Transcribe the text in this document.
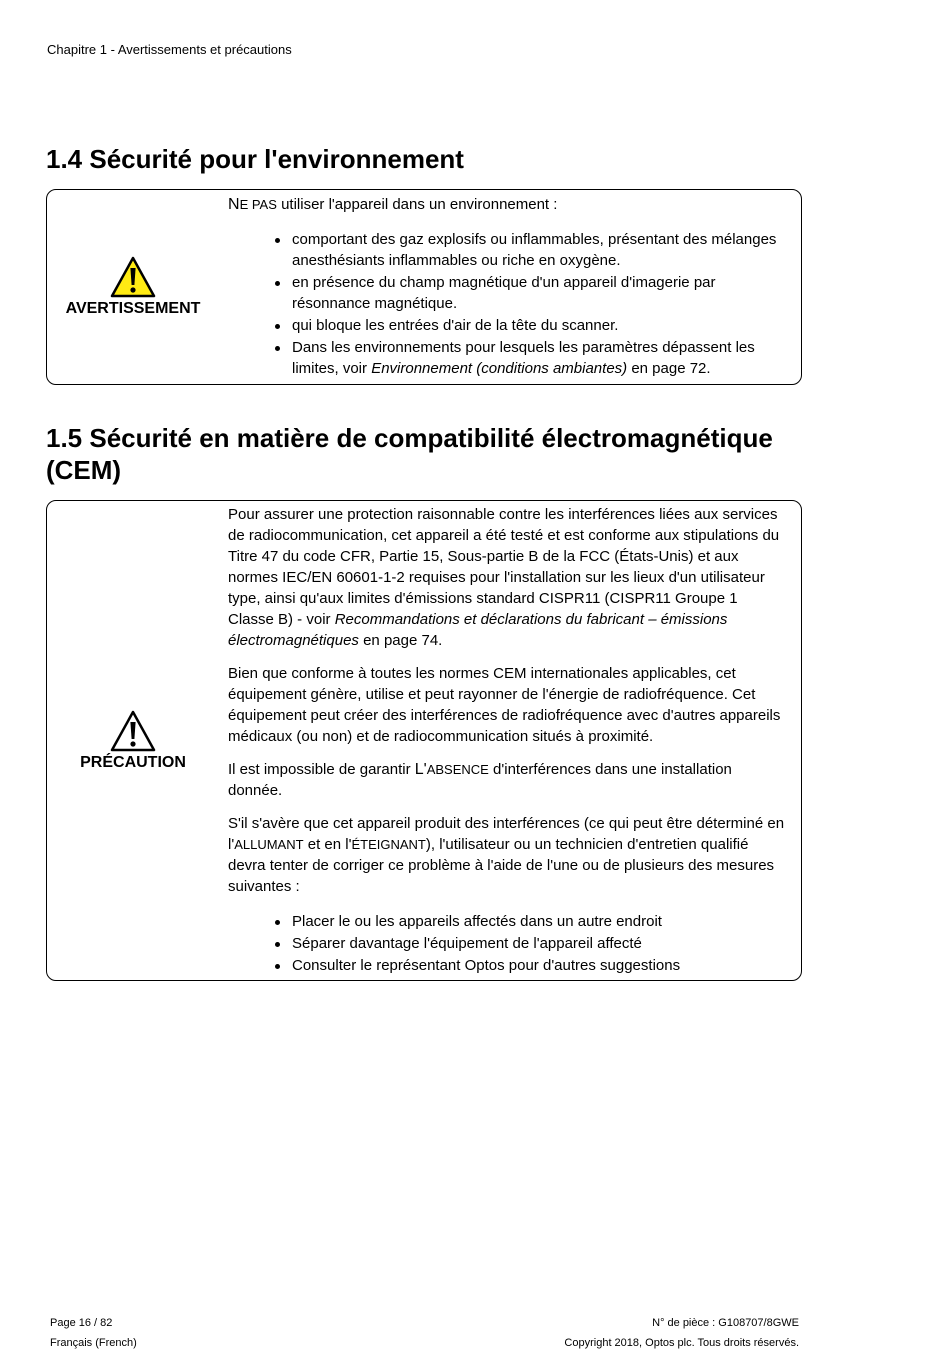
Chapitre 1 - Avertissements et précautions
1.4 Sécurité pour l'environnement
AVERTISSEMENT

NE PAS utiliser l'appareil dans un environnement :

comportant des gaz explosifs ou inflammables, présentant des mélanges anesthésiants inflammables ou riche en oxygène.
en présence du champ magnétique d'un appareil d'imagerie par résonnance magnétique.
qui bloque les entrées d'air de la tête du scanner.
Dans les environnements pour lesquels les paramètres dépassent les limites, voir Environnement (conditions ambiantes) en page 72.
1.5 Sécurité en matière de compatibilité électromagnétique (CEM)
PRÉCAUTION

Pour assurer une protection raisonnable contre les interférences liées aux services de radiocommunication, cet appareil a été testé et est conforme aux stipulations du Titre 47 du code CFR, Partie 15, Sous-partie B de la FCC (États-Unis) et aux normes IEC/EN 60601-1-2 requises pour l'installation sur les lieux d'un utilisateur type, ainsi qu'aux limites d'émissions standard CISPR11 (CISPR11 Groupe 1 Classe B) - voir Recommandations et déclarations du fabricant – émissions électromagnétiques en page 74.

Bien que conforme à toutes les normes CEM internationales applicables, cet équipement génère, utilise et peut rayonner de l'énergie de radiofréquence. Cet équipement peut créer des interférences de radiofréquence avec d'autres appareils médicaux (ou non) et de radiocommunication situés à proximité.

Il est impossible de garantir L'ABSENCE d'interférences dans une installation donnée.

S'il s'avère que cet appareil produit des interférences (ce qui peut être déterminé en l'ALLUMANT et en l'ÉTEIGNANT), l'utilisateur ou un technicien d'entretien qualifié devra tenter de corriger ce problème à l'aide de l'une ou de plusieurs des mesures suivantes :

Placer le ou les appareils affectés dans un autre endroit
Séparer davantage l'équipement de l'appareil affecté
Consulter le représentant Optos pour d'autres suggestions
Page 16 / 82
Français (French)
N° de pièce : G108707/8GWE
Copyright 2018, Optos plc. Tous droits réservés.
